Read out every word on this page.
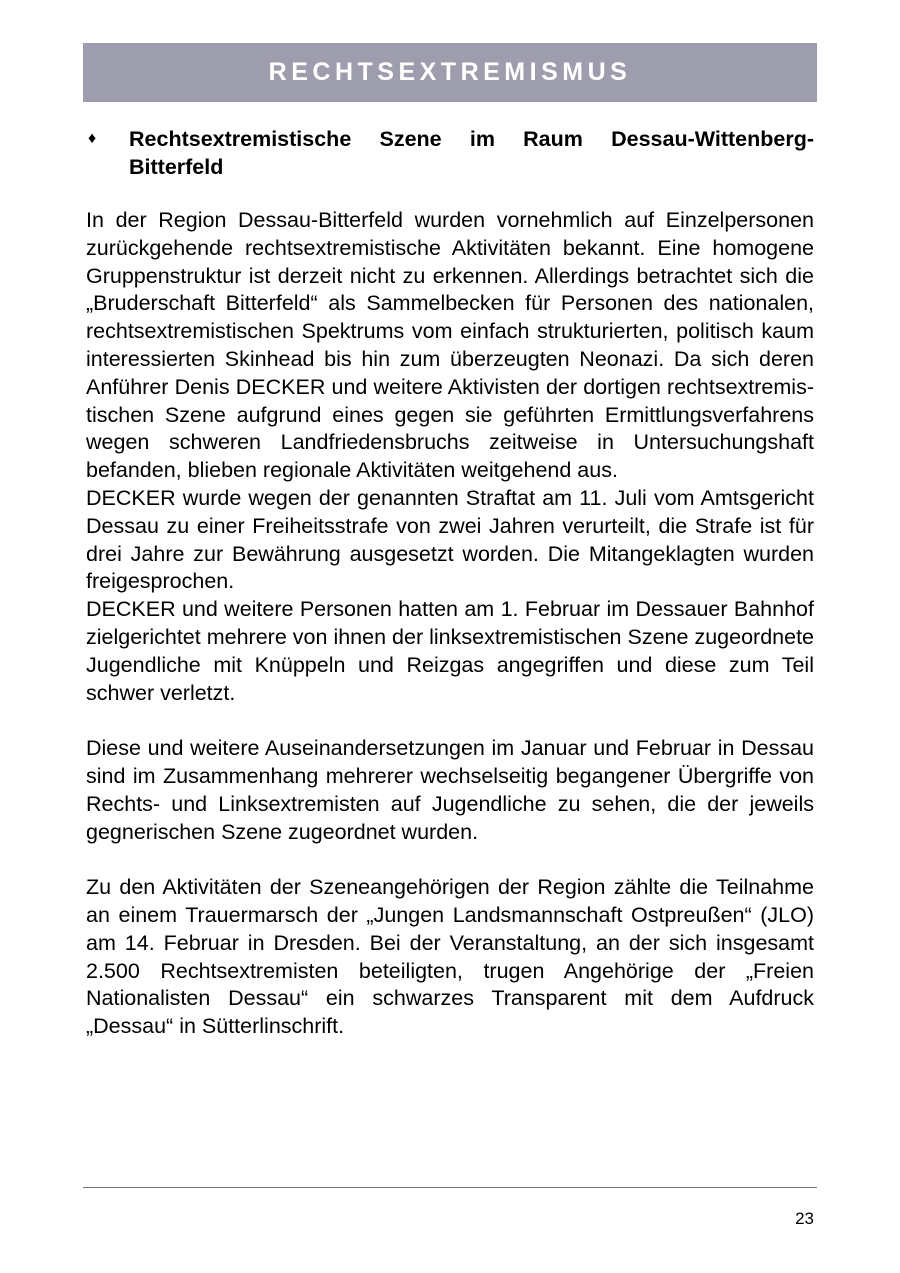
RECHTSEXTREMISMUS
♦	Rechtsextremistische Szene im Raum Dessau-Wittenberg-Bitterfeld

In der Region Dessau-Bitterfeld wurden vornehmlich auf Einzelpersonen zurückgehende rechtsextremistische Aktivitäten bekannt. Eine homogene Gruppenstruktur ist derzeit nicht zu erkennen. Allerdings betrachtet sich die „Bruderschaft Bitterfeld“ als Sammelbecken für Personen des nationalen, rechtsextremistischen Spektrums vom einfach strukturierten, politisch kaum interessierten Skinhead bis hin zum überzeugten Neonazi. Da sich deren Anführer Denis DECKER und weitere Aktivisten der dortigen rechtsextremistischen Szene aufgrund eines gegen sie geführten Ermittlungsverfahrens wegen schweren Landfriedensbruchs zeitweise in Untersuchungshaft befanden, blieben regionale Aktivitäten weitgehend aus.

DECKER wurde wegen der genannten Straftat am 11. Juli vom Amtsgericht Dessau zu einer Freiheitsstrafe von zwei Jahren verurteilt, die Strafe ist für drei Jahre zur Bewährung ausgesetzt worden. Die Mitangeklagten wurden freigesprochen.

DECKER und weitere Personen hatten am 1. Februar im Dessauer Bahnhof zielgerichtet mehrere von ihnen der linksextremistischen Szene zugeordnete Jugendliche mit Knüppeln und Reizgas angegriffen und diese zum Teil schwer verletzt.

Diese und weitere Auseinandersetzungen im Januar und Februar in Dessau sind im Zusammenhang mehrerer wechselseitig begangener Übergriffe von Rechts- und Linksextremisten auf Jugendliche zu sehen, die der jeweils gegnerischen Szene zugeordnet wurden.

Zu den Aktivitäten der Szeneangehörigen der Region zählte die Teilnahme an einem Trauermarsch der „Jungen Landsmannschaft Ostpreußen“ (JLO) am 14. Februar in Dresden. Bei der Veranstaltung, an der sich insgesamt 2.500 Rechtsextremisten beteiligten, trugen Angehörige der „Freien Nationalisten Dessau“ ein schwarzes Transparent mit dem Aufdruck „Dessau“ in Sütterlinschrift.

23
